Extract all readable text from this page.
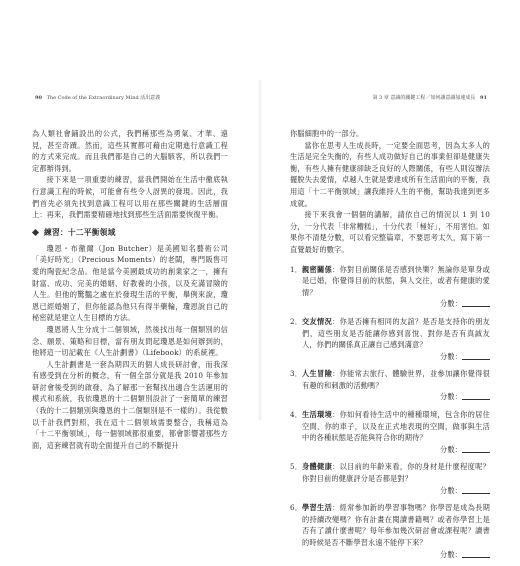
90 The Code of the Extraordinary Mind 活出意義

為人類社會鋪設出的公式，我們稱那些為勇氣、才華、遠見，甚至奇蹟。然而，這些其實都可藉由定期進行意識工程的方式來完成。而且我們都是自己的大腦駭客，所以我們一定都辦得到。

接下來是一項重要的練習，當我們開始在生活中徹底執行意識工程的時候，可能會有些令人訝異的發現。因此，我們首先必須先找到意識工程可以用在那些關鍵的生活層面上：再來，我們需要精確地找到那些生活面需要恢復平衡。

練習：十二平衡領域

瓊恩・布徹爾（Jon Butcher）是美國知名藝術公司「美好時光」（Precious Moments）的老闆，專門販售可愛的陶瓷紀念品。他是當今美國最成功的創業家之一，擁有財富、成功、完美的婚姻、好教養的小孩，以及充滿冒險的人生。但他的驚豔之處在於發現生活的平衡，舉例來說，瓊恩已經婚姻了，但你能認為他只有得半藥輪，瓊恩說自己的秘密就是建立人生目標的方法。

瓊恩將人生分成十二個領域，然後找出每一個類別的信念、願景、策略和目標，當有朋友問起瓊恩是如何辦到的，他將這一切記載在《人生計劃書》（Lifebook）的系統裡。

人生計劃書是一套為期四天的個人成長研討會，而我深有感受到在分析的概念，有一個全部分就是我 2010 年參加研討會後受到的啟發，為了解那一套幫找出適合生活運用的模式和系統，我依瓊恩的十二個類別設計了一套簡單的練習（我的十二個類別與瓊恩的十二個類別是不一樣的）。我從數以千計我們對照，我在這十二個領域需要整合，我稱這為「十二平衡領域」，每一個領域都很重要，都會影響著那些方面，這套練習就有助全面提升自己的不斷提升

第 3 章 意識的關鍵工程／如何讓意識加速成長 91

你腦細胞中的一部分。

當你在思考人生成長時，一定要全面思考，因為太多人的生活是完全失衡的，有些人成功做好自己的事業但卻是健康失衡，有些人擁有健康卻缺乏良好的人際關係，有些人則沒辦法擺脫失去愛情，卓越人生就是要達成所有生活面向的平衡，我用這「十二平衡領域」讓我維持人生的平衡，幫助我達到更多成就。

接下來我會一個個的講解，請依自己的情況以 1 到 10 分，一分代表「非常糟糕」，十分代表「極好」，不用害怕。如果你不清楚分數，可以看完整篇章，不要思考太久，寫下第一直覺最好的數字。

1． 親密關係：你對目前關係是否感到快樂？無論你是單身或是已婚，你覺得目前的狀態，與人交往，或者有健康的愛情？
分數：
2． 交友情況：你是否擁有相同的友誼？是否是支持你的朋友們，這些朋友是否能讓你感到喜悅、對你是否有真誠友人，你們的關係真正讓自己感到滿意？
分數：
3． 人生冒險：你能常去旅行、體驗世界，並參加讓你覺得很有趣的和刺激的活動嗎？
分數：
4． 生活環境：你如何看待生活中的種種環境，包含你的居住空間、你的車子，以及在正式地表現的空間，做事與生活中的各種狀態是否能與符合你的期待？
分數：
5． 身體健康：以目前的年齡來看，你的身材是什麼程度呢？你對目前的健康評分是否都是對？
分數：
6． 學習生活：經常參加新的學習事物嗎？你學習是成為長期的持續改變嗎？你有計畫在閱讀書籍嗎？或者你學習上是否有了讀什麼書呢？每年參加幾次研討會或課程呢？讀書的時候是否不斷學習永遠不能停下來？
分數：
